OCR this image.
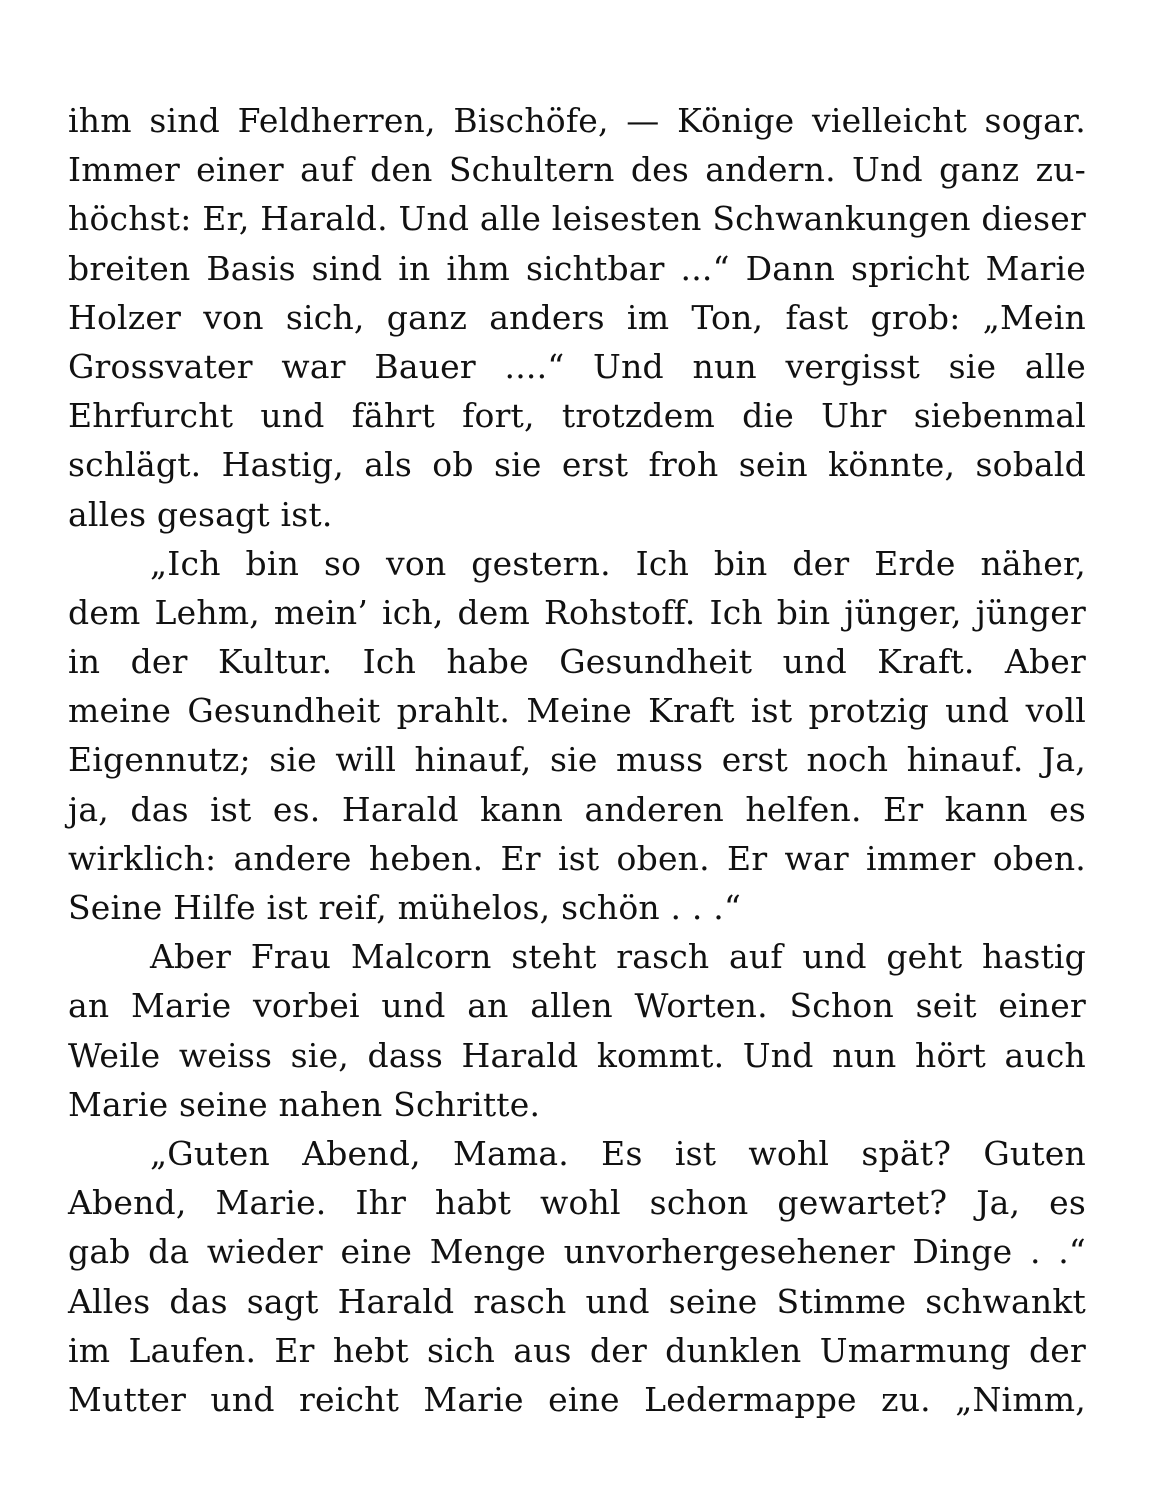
ihm sind Feldherren, Bischöfe, — Könige vielleicht sogar.
Immer einer auf den Schultern des andern. Und ganz zu-
höchst: Er, Harald. Und alle leisesten Schwankungen dieser
breiten Basis sind in ihm sichtbar ...“ Dann spricht Marie
Holzer von sich, ganz anders im Ton, fast grob: „Mein
Grossvater war Bauer ....“ Und nun vergisst sie alle
Ehrfurcht und fährt fort, trotzdem die Uhr siebenmal
schlägt. Hastig, als ob sie erst froh sein könnte, sobald
alles gesagt ist.
„Ich bin so von gestern. Ich bin der Erde näher,
dem Lehm, mein’ ich, dem Rohstoff. Ich bin jünger, jünger
in der Kultur. Ich habe Gesundheit und Kraft. Aber
meine Gesundheit prahlt. Meine Kraft ist protzig und voll
Eigennutz; sie will hinauf, sie muss erst noch hinauf. Ja,
ja, das ist es. Harald kann anderen helfen. Er kann es
wirklich: andere heben. Er ist oben. Er war immer oben.
Seine Hilfe ist reif, mühelos, schön . . .“
Aber Frau Malcorn steht rasch auf und geht hastig
an Marie vorbei und an allen Worten. Schon seit einer
Weile weiss sie, dass Harald kommt. Und nun hört auch
Marie seine nahen Schritte.
„Guten Abend, Mama. Es ist wohl spät? Guten
Abend, Marie. Ihr habt wohl schon gewartet? Ja, es
gab da wieder eine Menge unvorhergesehener Dinge . .“
Alles das sagt Harald rasch und seine Stimme schwankt
im Laufen. Er hebt sich aus der dunklen Umarmung der
Mutter und reicht Marie eine Ledermappe zu. „Nimm,
